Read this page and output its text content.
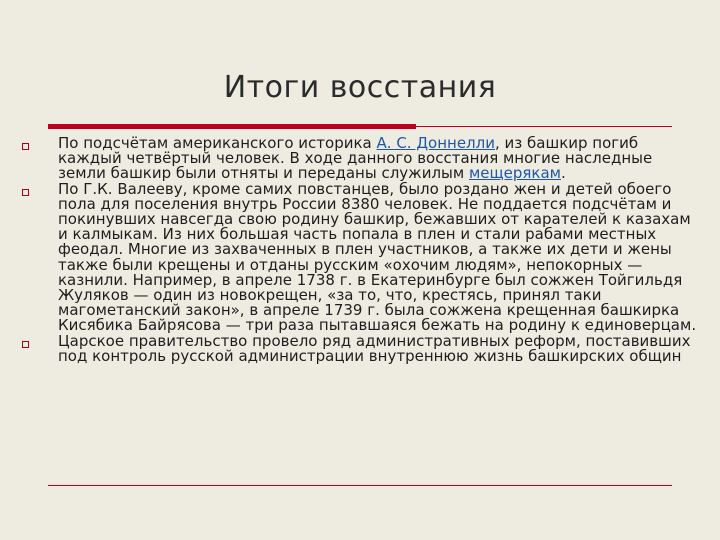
Итоги восстания
По подсчётам американского историка А. С. Доннелли, из башкир погиб каждый четвёртый человек. В ходе данного восстания многие наследные земли башкир были отняты и переданы служилым мещерякам.
По Г.К. Валееву, кроме самих повстанцев, было роздано жен и детей обоего пола для поселения внутрь России 8380 человек. Не поддается подсчётам и покинувших навсегда свою родину башкир, бежавших от карателей к казахам и калмыкам. Из них большая часть попала в плен и стали рабами местных феодал. Многие из захваченных в плен участников, а также их дети и жены также были крещены и отданы русским «охочим людям», непокорных — казнили. Например, в апреле 1738 г. в Екатеринбурге был сожжен Тойгильдя Жуляков — один из новокрещен, «за то, что, крестясь, принял таки магометанский закон», в апреле 1739 г. была сожжена крещенная башкирка Кисябика Байрясова — три раза пытавшаяся бежать на родину к единоверцам.
Царское правительство провело ряд административных реформ, поставивших под контроль русской администрации внутреннюю жизнь башкирских общин
